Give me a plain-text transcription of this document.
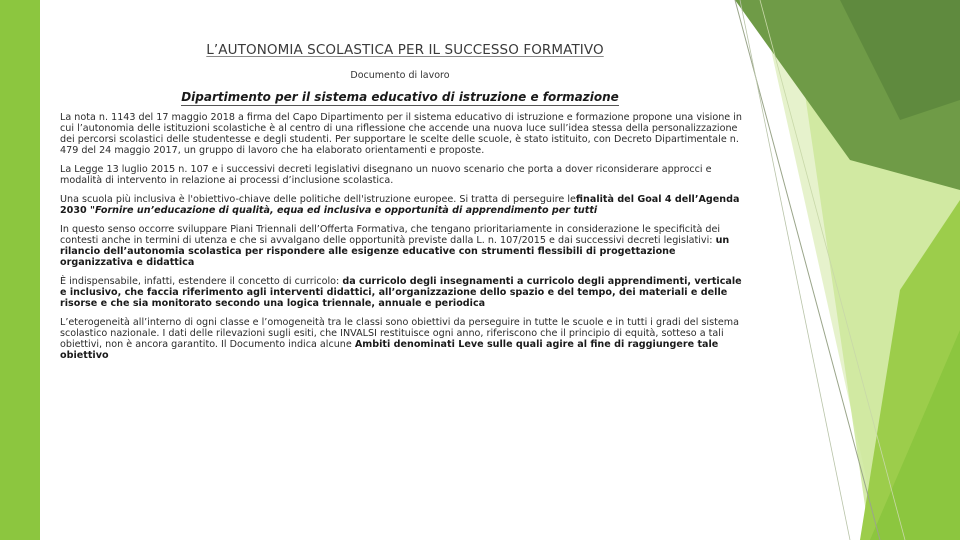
L’AUTONOMIA SCOLASTICA PER IL SUCCESSO FORMATIVO
Documento di lavoro
Dipartimento per il sistema educativo di istruzione e formazione

La nota n. 1143 del 17 maggio 2018 a firma del Capo Dipartimento per il sistema educativo di istruzione e formazione propone una visione in cui l’autonomia delle istituzioni scolastiche è al centro di una riflessione che accende una nuova luce sull’idea stessa della personalizzazione dei percorsi scolastici delle studentesse e degli studenti. Per supportare le scelte delle scuole, è stato istituito, con Decreto Dipartimentale n. 479 del 24 maggio 2017, un gruppo di lavoro che ha elaborato orientamenti e proposte.

La Legge 13 luglio 2015 n. 107 e i successivi decreti legislativi disegnano un nuovo scenario che porta a dover riconsiderare approcci e modalità di intervento in relazione ai processi d’inclusione scolastica.

Una scuola più inclusiva è l'obiettivo-chiave delle politiche dell'istruzione europee. Si tratta di perseguire lefinalità del Goal 4 dell’Agenda 2030 "Fornire un’educazione di qualità, equa ed inclusiva e opportunità di apprendimento per tutti

In questo senso occorre sviluppare Piani Triennali dell’Offerta Formativa, che tengano prioritariamente in considerazione le specificità dei contesti anche in termini di utenza e che si avvalgano delle opportunità previste dalla L. n. 107/2015 e dai successivi decreti legislativi: un rilancio dell’autonomia scolastica per rispondere alle esigenze educative con strumenti flessibili di progettazione organizzativa e didattica

È indispensabile, infatti, estendere il concetto di curricolo: da curricolo degli insegnamenti a curricolo degli apprendimenti, verticale e inclusivo, che faccia riferimento agli interventi didattici, all’organizzazione dello spazio e del tempo, dei materiali e delle risorse e che sia monitorato secondo una logica triennale, annuale e periodica

L’eterogeneità all’interno di ogni classe e l’omogeneità tra le classi sono obiettivi da perseguire in tutte le scuole e in tutti i gradi del sistema scolastico nazionale. I dati delle rilevazioni sugli esiti, che INVALSI restituisce ogni anno, riferiscono che il principio di equità, sotteso a tali obiettivi, non è ancora garantito. Il Documento indica alcune Ambiti denominati Leve sulle quali agire al fine di raggiungere tale obiettivo
